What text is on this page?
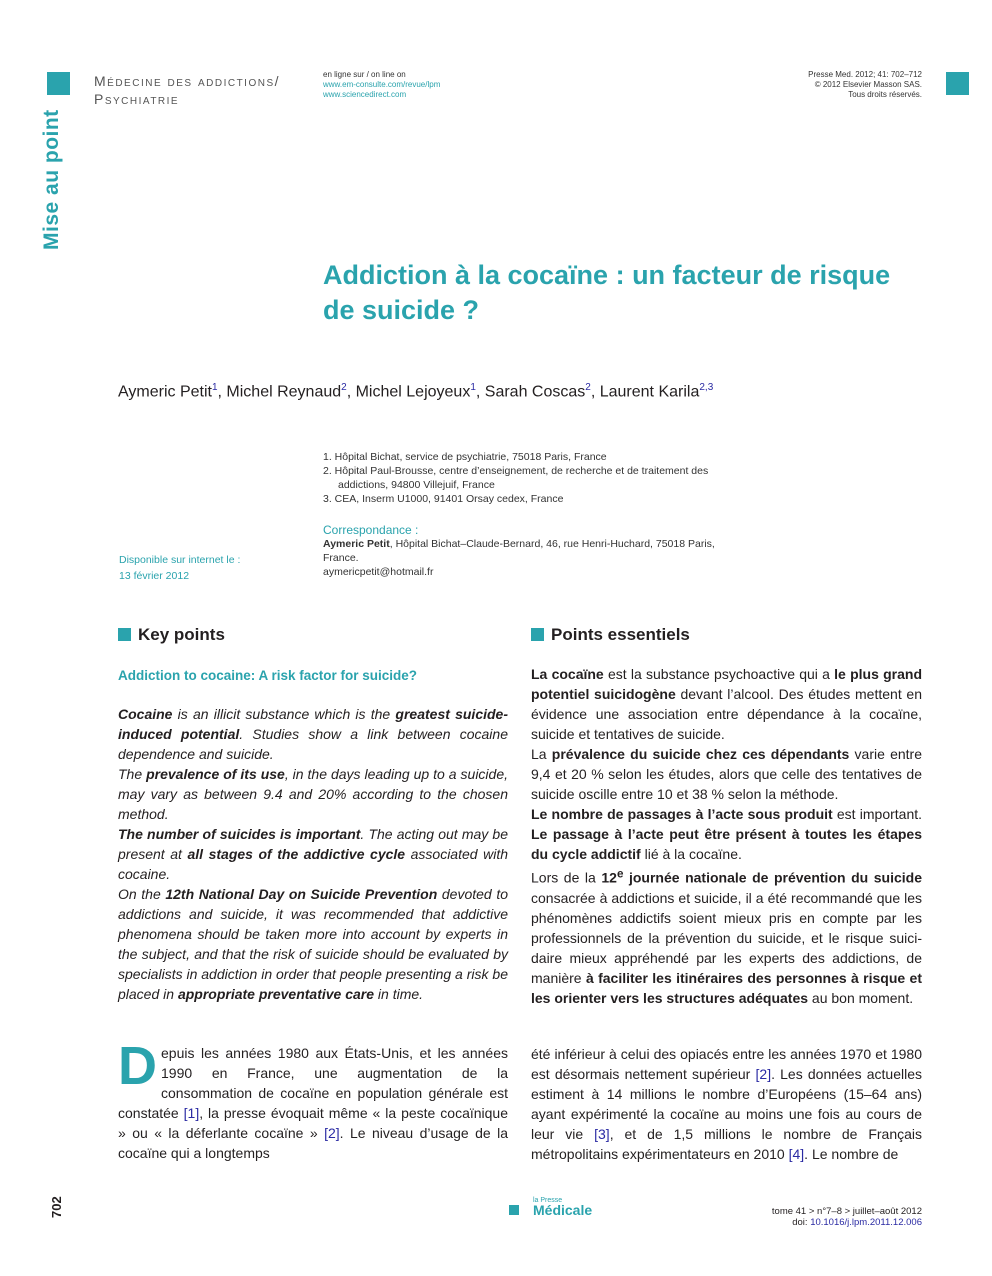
Médecine des addictions/
Psychiatrie
en ligne sur / on line on
www.em-consulte.com/revue/lpm
www.sciencedirect.com
Presse Med. 2012; 41: 702–712
© 2012 Elsevier Masson SAS.
Tous droits réservés.
Mise au point
Addiction à la cocaïne : un facteur de risque de suicide ?
Aymeric Petit$^1$, Michel Reynaud$^2$, Michel Lejoyeux$^1$, Sarah Coscas$^2$, Laurent Karila$^{2,3}$
1. Hôpital Bichat, service de psychiatrie, 75018 Paris, France
2. Hôpital Paul-Brousse, centre d’enseignement, de recherche et de traitement des addictions, 94800 Villejuif, France
3. CEA, Inserm U1000, 91401 Orsay cedex, France
Correspondance :
Aymeric Petit, Hôpital Bichat–Claude-Bernard, 46, rue Henri-Huchard, 75018 Paris, France.
aymericpetit@hotmail.fr
Disponible sur internet le :
13 février 2012
Key points
Addiction to cocaine: A risk factor for suicide?

Cocaine is an illicit substance which is the greatest suicide-induced potential. Studies show a link between cocaine dependence and suicide.

The prevalence of its use, in the days leading up to a suicide, may vary as between 9.4 and 20% according to the chosen method.

The number of suicides is important. The acting out may be present at all stages of the addictive cycle associated with cocaine.

On the 12th National Day on Suicide Prevention devoted to addictions and suicide, it was recommended that addictive phenomena should be taken more into account by experts in the subject, and that the risk of suicide should be evaluated by specialists in addiction in order that people presenting a risk be placed in appropriate preventative care in time.

Points essentiels

La cocaïne est la substance psychoactive qui a le plus grand potentiel suicidogène devant l’alcool. Des études mettent en évidence une association entre dépendance à la cocaïne, suicide et tentatives de suicide.

La prévalence du suicide chez ces dépendants varie entre 9,4 et 20 % selon les études, alors que celle des tentatives de suicide oscille entre 10 et 38 % selon la méthode.

Le nombre de passages à l’acte sous produit est important. Le passage à l’acte peut être présent à toutes les étapes du cycle addictif lié à la cocaïne.

Lors de la 12e journée nationale de prévention du suicide consacrée à addictions et suicide, il a été recommandé que les phénomènes addictifs soient mieux pris en compte par les professionnels de la prévention du suicide, et le risque suici-daire mieux appréhendé par les experts des addictions, de manière à faciliter les itinéraires des personnes à risque et les orienter vers les structures adéquates au bon moment.

Depuis les années 1980 aux États-Unis, et les années 1990 en France, une augmentation de la consommation de cocaïne en population générale est constatée [1], la presse évoquait même « la peste cocaïnique » ou « la déferlante cocaïne » [2]. Le niveau d’usage de la cocaïne qui a longtemps
été inférieur à celui des opiacés entre les années 1970 et 1980 est désormais nettement supérieur [2]. Les données actuelles estiment à 14 millions le nombre d’Européens (15–64 ans) ayant expérimenté la cocaïne au moins une fois au cours de leur vie [3], et de 1,5 millions le nombre de Français métropolitains expérimentateurs en 2010 [4]. Le nombre de
702	la Presse
Médicale	tome 41 > n°7–8 > juillet–août 2012
doi: 10.1016/j.lpm.2011.12.006
